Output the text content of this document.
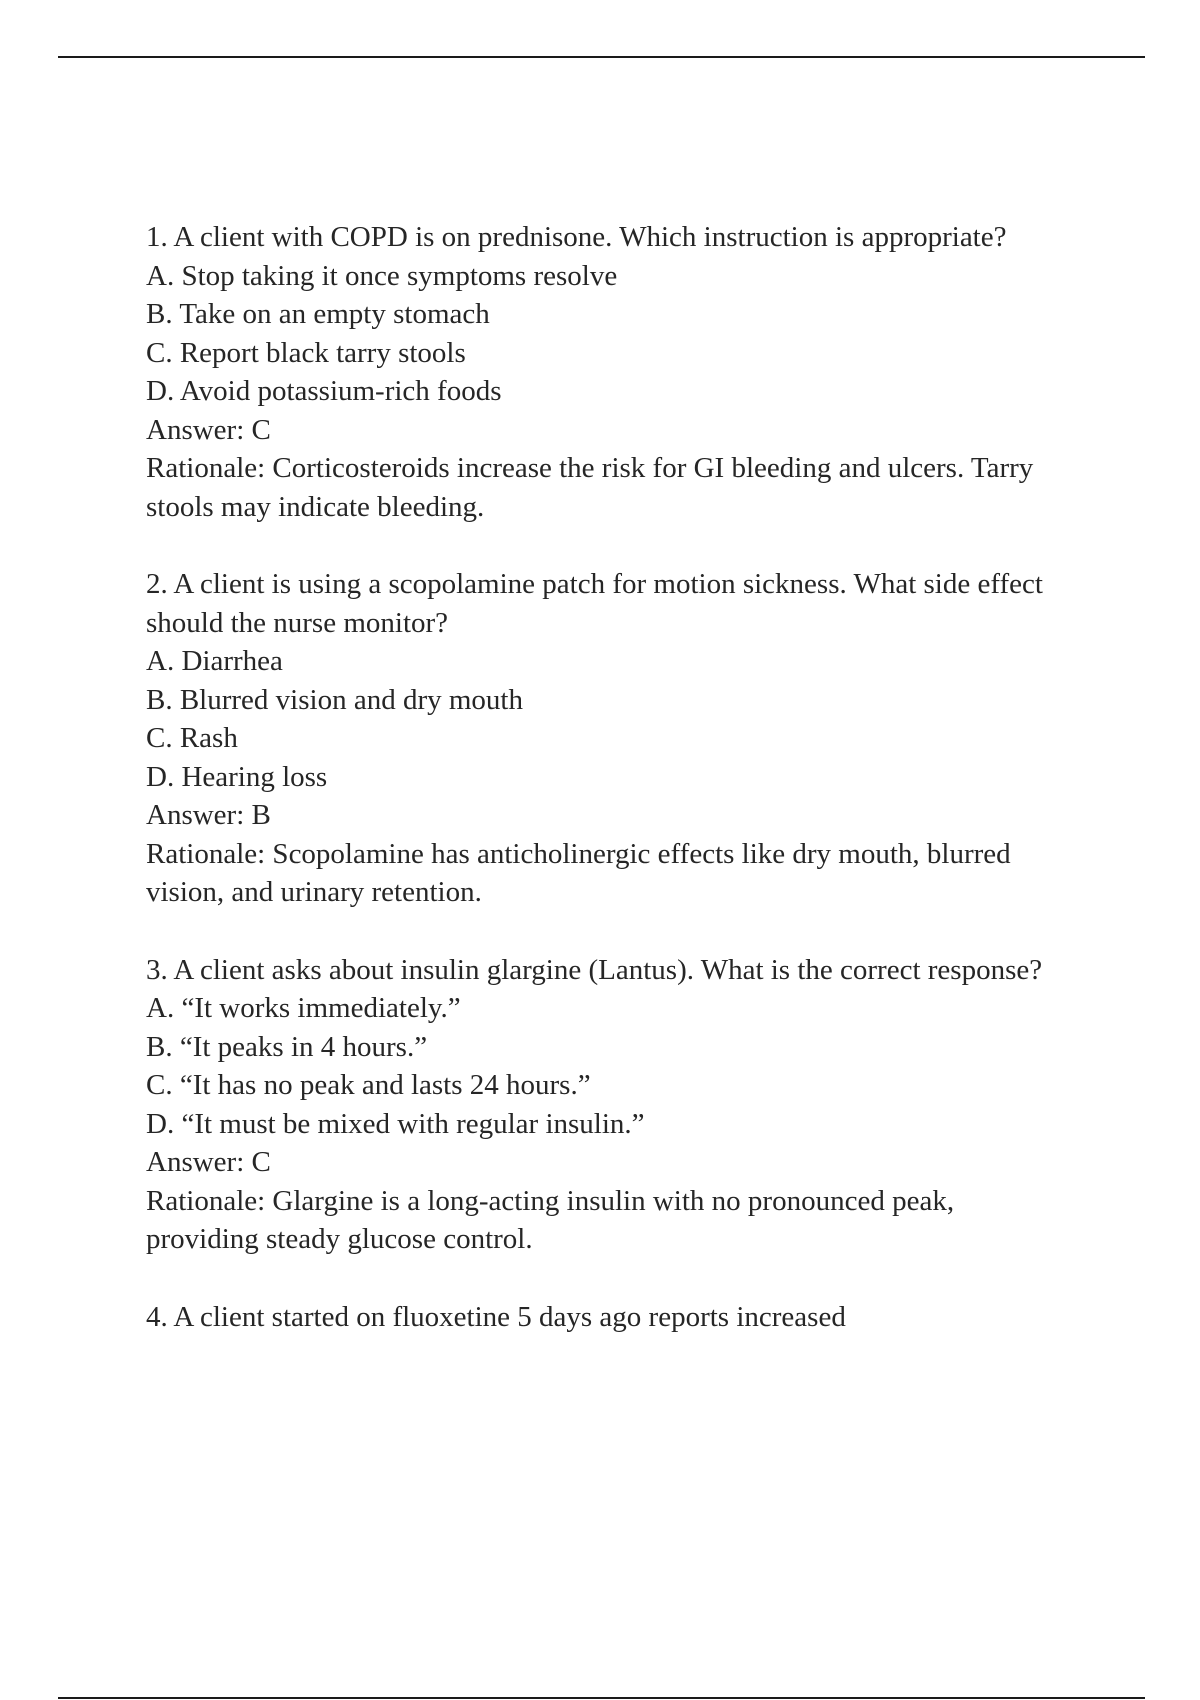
1. A client with COPD is on prednisone. Which instruction is appropriate?

A. Stop taking it once symptoms resolve
B. Take on an empty stomach
C. Report black tarry stools
D. Avoid potassium-rich foods

Answer: C

Rationale: Corticosteroids increase the risk for GI bleeding and ulcers. Tarry stools may indicate bleeding.

2. A client is using a scopolamine patch for motion sickness. What side effect should the nurse monitor?

A. Diarrhea
B. Blurred vision and dry mouth
C. Rash
D. Hearing loss

Answer: B

Rationale: Scopolamine has anticholinergic effects like dry mouth, blurred vision, and urinary retention.

3. A client asks about insulin glargine (Lantus). What is the correct response?

A. “It works immediately.”
B. “It peaks in 4 hours.”
C. “It has no peak and lasts 24 hours.”
D. “It must be mixed with regular insulin.”

Answer: C

Rationale: Glargine is a long-acting insulin with no pronounced peak, providing steady glucose control.

4. A client started on fluoxetine 5 days ago reports increased
